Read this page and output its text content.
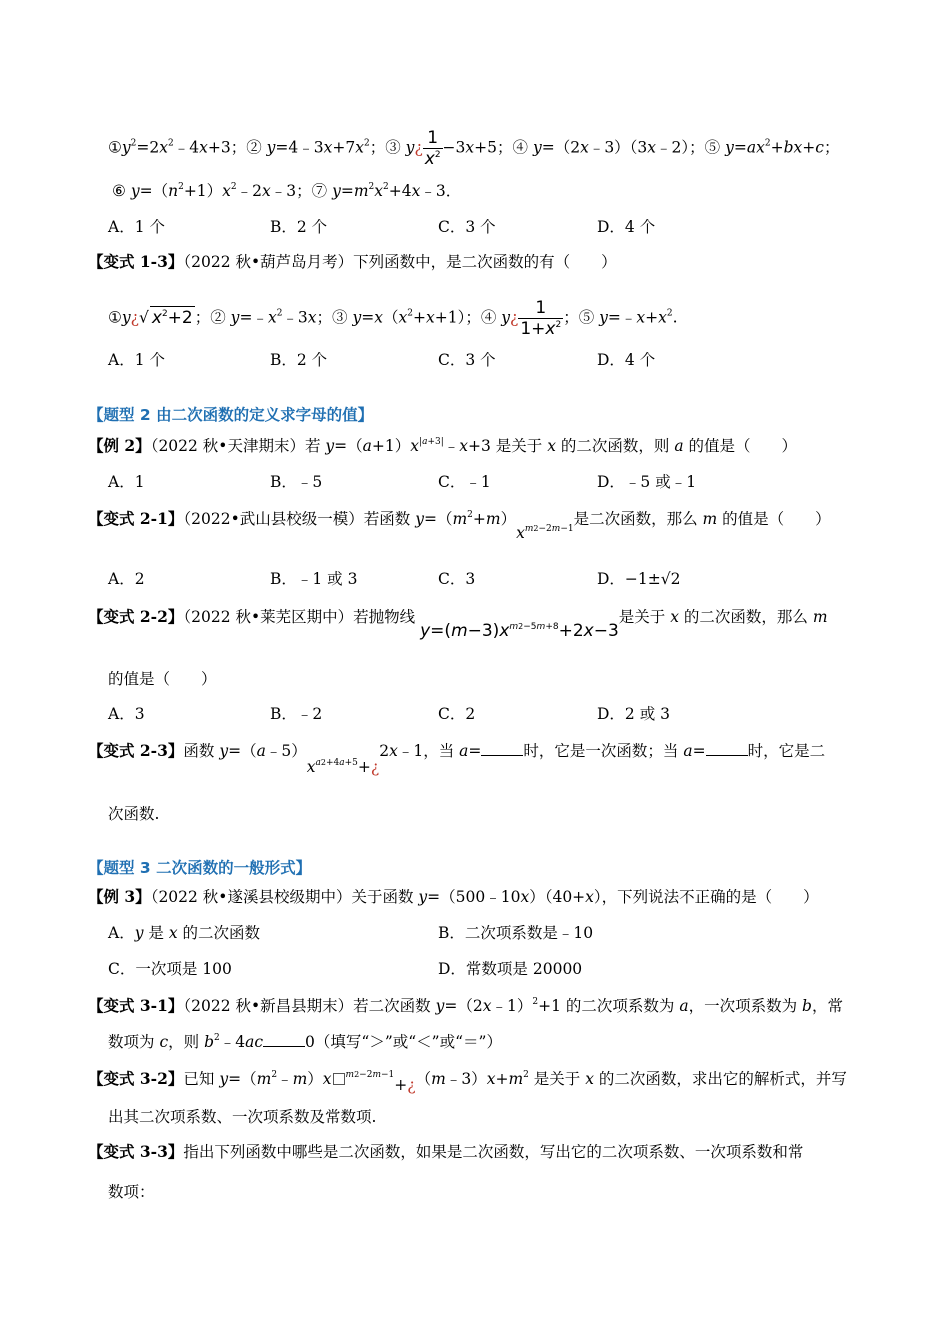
$①y^2=2x^2﹣4x+3$；② $y=4﹣3x+7x^2$；③ y¿ $\frac{1}{x^2} -3x+5$；④ y=（2x﹣3）（3x﹣2）；⑤ $y=ax^2+bx+c$；
⑥ $y=(n^2+1)x^2﹣2x﹣3$；⑦ $y=m^2x^2+4x﹣3$．
A．1 个	B．2 个	C．3 个	D．4 个
【变式 1-3】（2022 秋•葫芦岛月考）下列函数中，是二次函数的有（　　）
①y¿√ $x^2+2$ ；② $y=﹣x^2﹣3x$；③ $y=x(x^2+x+1)$；④ y¿ $\frac{1}{1+x^2}$ ；⑤ $y=﹣x+x^2$.
A．1 个	B．2 个	C．3 个	D．4 个
【题型 2 由二次函数的定义求字母的值】
【例 2】（2022 秋•天津期末）若 $y=(a+1)x^{|a+3|}﹣x+3$ 是关于 x 的二次函数，则 a 的值是（　　）
A．1	B．﹣5	C．﹣1	D．﹣5 或﹣1
【变式 2-1】（2022•武山县校级一模）若函数 $y=(m^2+m)x^{m2-2m-1}$是二次函数，那么 m 的值是（　　）
A．2	B．﹣1 或 3	C．3	D．−1±√2
【变式 2-2】（2022 秋•莱芜区期中）若抛物线 $y=(m-3)x^{m2-5m+8}+2x-3$是关于 x 的二次函数，那么 m
的值是（　　）
A．3	B．﹣2	C．2	D．2 或 3
【变式 2-3】函数 $y=(a﹣5)x^{a2+4a+5}+¿2x﹣1$，当 a=	时，它是一次函数；当 a=	时，它是二
次函数.
【题型 3 二次函数的一般形式】
【例 3】（2022 秋•遂溪县校级期中）关于函数 y=（500﹣10x）（40+x），下列说法不正确的是（　　）
A．y 是 x 的二次函数	B．二次项系数是﹣10
C．一次项是 100	D．常数项是 20000
【变式 3-1】（2022 秋•新昌县期末）若二次函数 y=（2x﹣1）$^2$+1 的二次项系数为 a，一次项系数为 b，常
数项为 c，则 $b^2﹣4ac$	0（填写“＞”或“＜”或“＝”）
【变式 3-2】已知 $y=(m^2﹣m)x$ $^{m2-2m-1}+¿(m﹣3)x+m^2$ 是关于 x 的二次函数，求出它的解析式，并写
出其二次项系数、一次项系数及常数项.
【变式 3-3】指出下列函数中哪些是二次函数，如果是二次函数，写出它的二次项系数、一次项系数和常
数项：
